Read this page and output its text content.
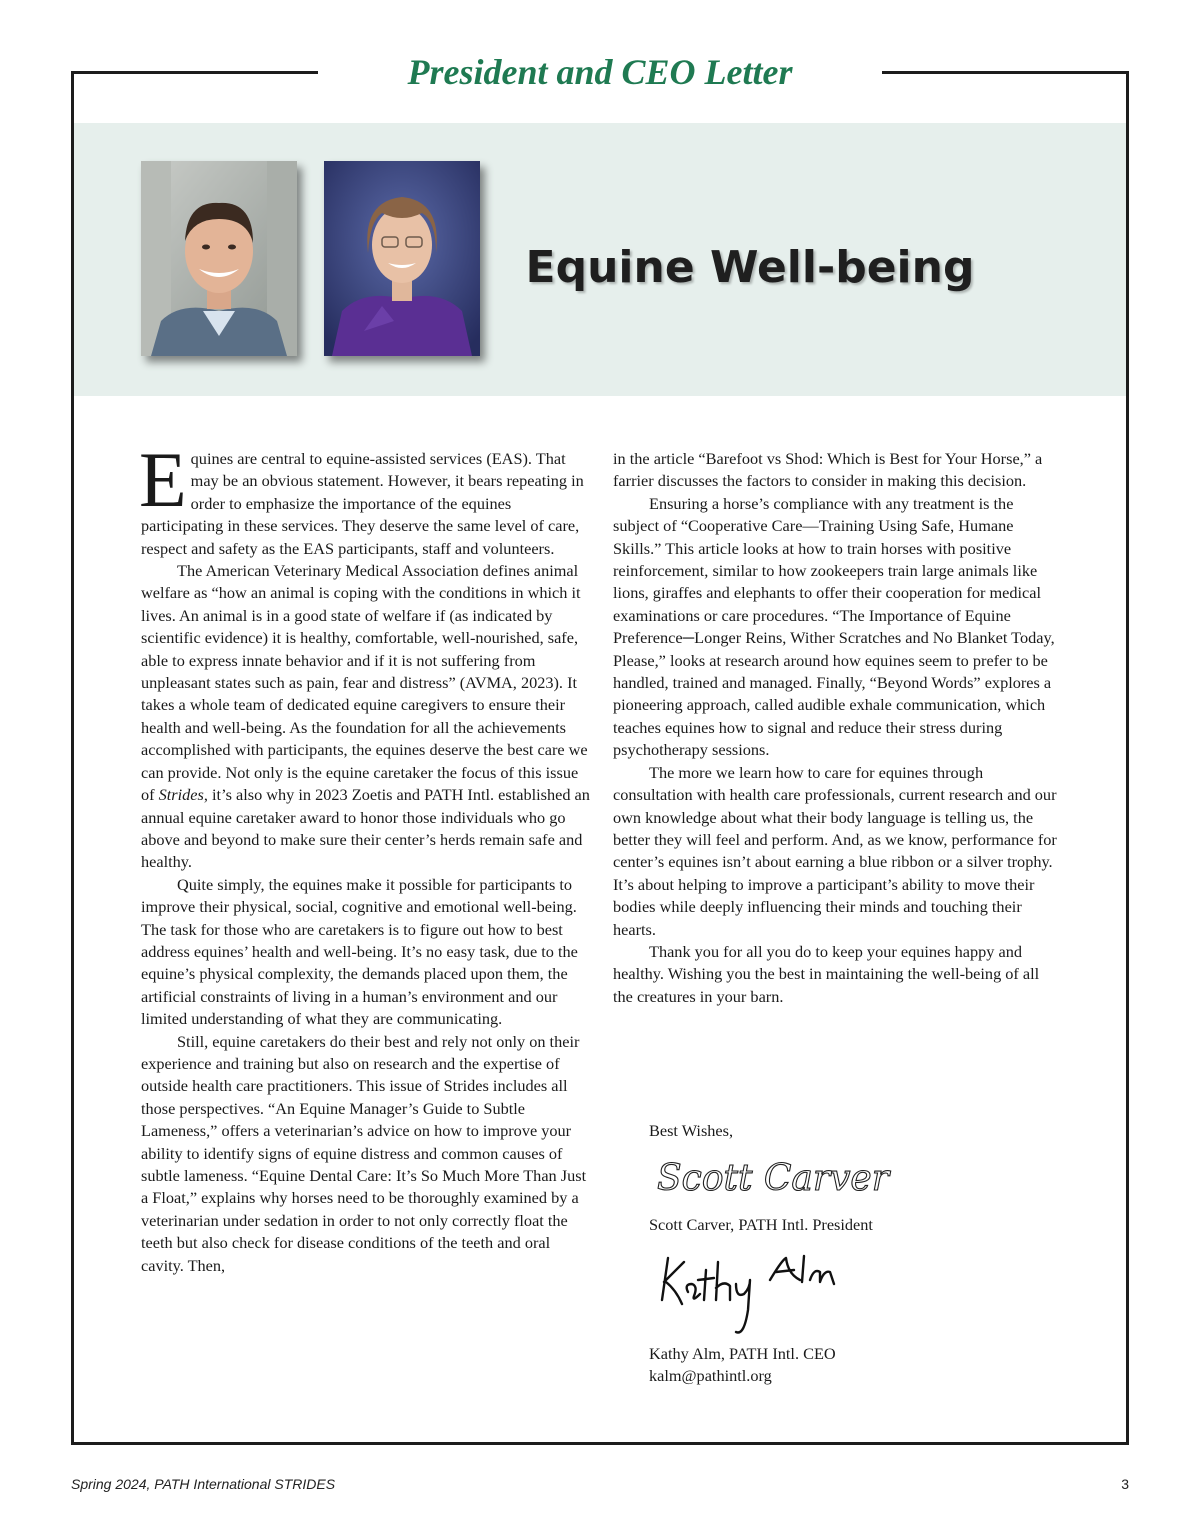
President and CEO Letter
Equine Well-being

Equines are central to equine-assisted services (EAS). That may be an obvious statement. However, it bears repeating in order to emphasize the importance of the equines participating in these services. They deserve the same level of care, respect and safety as the EAS participants, staff and volunteers.

The American Veterinary Medical Association defines animal welfare as “how an animal is coping with the conditions in which it lives. An animal is in a good state of welfare if (as indicated by scientific evidence) it is healthy, comfortable, well-nourished, safe, able to express innate behavior and if it is not suffering from unpleasant states such as pain, fear and distress” (AVMA, 2023). It takes a whole team of dedicated equine caregivers to ensure their health and well-being. As the foundation for all the achievements accomplished with participants, the equines deserve the best care we can provide. Not only is the equine caretaker the focus of this issue of Strides, it’s also why in 2023 Zoetis and PATH Intl. established an annual equine caretaker award to honor those individuals who go above and beyond to make sure their center’s herds remain safe and healthy.

Quite simply, the equines make it possible for participants to improve their physical, social, cognitive and emotional well-being. The task for those who are caretakers is to figure out how to best address equines’ health and well-being. It’s no easy task, due to the equine’s physical complexity, the demands placed upon them, the artificial constraints of living in a human’s environment and our limited understanding of what they are communicating.

Still, equine caretakers do their best and rely not only on their experience and training but also on research and the expertise of outside health care practitioners. This issue of Strides includes all those perspectives. “An Equine Manager’s Guide to Subtle Lameness,” offers a veterinarian’s advice on how to improve your ability to identify signs of equine distress and common causes of subtle lameness. “Equine Dental Care: It’s So Much More Than Just a Float,” explains why horses need to be thoroughly examined by a veterinarian under sedation in order to not only correctly float the teeth but also check for disease conditions of the teeth and oral cavity. Then,

in the article “Barefoot vs Shod: Which is Best for Your Horse,” a farrier discusses the factors to consider in making this decision.

Ensuring a horse’s compliance with any treatment is the subject of “Cooperative Care—Training Using Safe, Humane Skills.” This article looks at how to train horses with positive reinforcement, similar to how zookeepers train large animals like lions, giraffes and elephants to offer their cooperation for medical examinations or care procedures. “The Importance of Equine Preference─Longer Reins, Wither Scratches and No Blanket Today, Please,” looks at research around how equines seem to prefer to be handled, trained and managed. Finally, “Beyond Words” explores a pioneering approach, called audible exhale communication, which teaches equines how to signal and reduce their stress during psychotherapy sessions.

The more we learn how to care for equines through consultation with health care professionals, current research and our own knowledge about what their body language is telling us, the better they will feel and perform. And, as we know, performance for center’s equines isn’t about earning a blue ribbon or a silver trophy. It’s about helping to improve a participant’s ability to move their bodies while deeply influencing their minds and touching their hearts.

Thank you for all you do to keep your equines happy and healthy. Wishing you the best in maintaining the well-being of all the creatures in your barn.

Best Wishes,
Scott Carver
Scott Carver, PATH Intl. President
Kathy Alm, PATH Intl. CEO
kalm@pathintl.org
Spring 2024, PATH International STRIDES	3
